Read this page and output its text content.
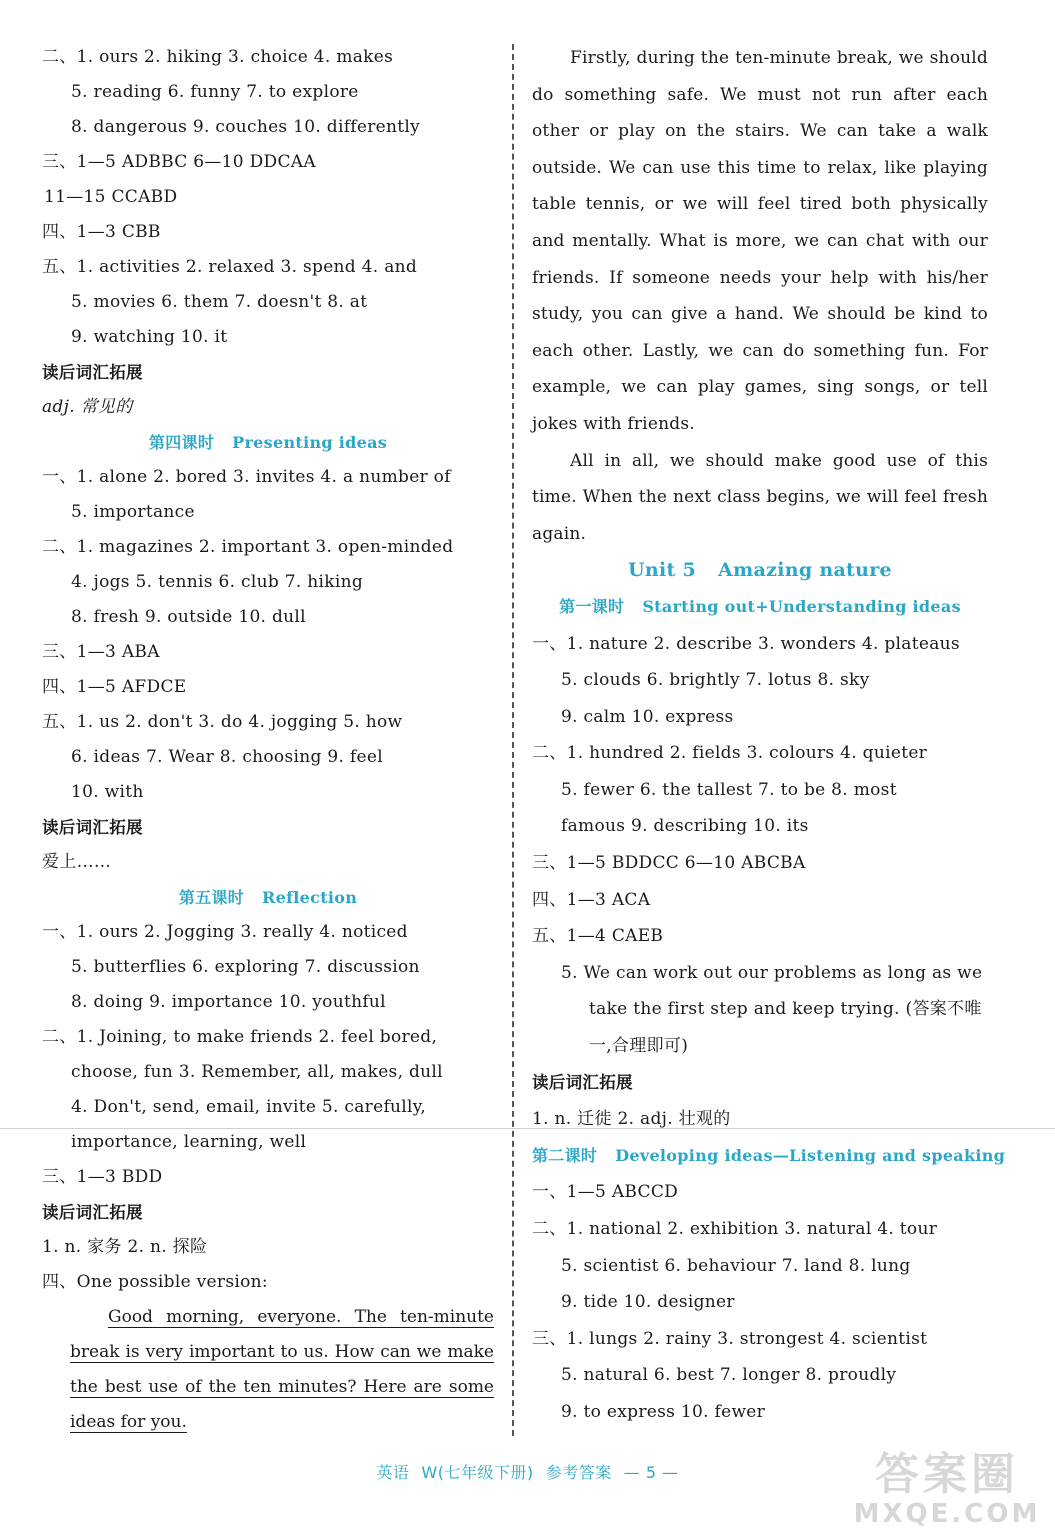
二、1. ours 2. hiking 3. choice 4. makes
5. reading 6. funny 7. to explore
8. dangerous 9. couches 10. differently
三、1—5 ADBBC 6—10 DDCAA
11—15 CCABD
四、1—3 CBB
五、1. activities 2. relaxed 3. spend 4. and
5. movies 6. them 7. doesn't 8. at
9. watching 10. it
读后词汇拓展
adj. 常见的
第四课时 Presenting ideas
一、1. alone 2. bored 3. invites 4. a number of
5. importance
二、1. magazines 2. important 3. open-minded
4. jogs 5. tennis 6. club 7. hiking
8. fresh 9. outside 10. dull
三、1—3 ABA
四、1—5 AFDCE
五、1. us 2. don't 3. do 4. jogging 5. how
6. ideas 7. Wear 8. choosing 9. feel
10. with
读后词汇拓展
爱上……
第五课时 Reflection
一、1. ours 2. Jogging 3. really 4. noticed
5. butterflies 6. exploring 7. discussion
8. doing 9. importance 10. youthful
二、1. Joining, to make friends 2. feel bored,
choose, fun 3. Remember, all, makes, dull
4. Don't, send, email, invite 5. carefully,
importance, learning, well
三、1—3 BDD
读后词汇拓展
1. n. 家务 2. n. 探险
四、One possible version:
Good morning, everyone. The ten-minute break is very important to us. How can we make the best use of the ten minutes? Here are some ideas for you.
Firstly, during the ten-minute break, we should do something safe. We must not run after each other or play on the stairs. We can take a walk outside. We can use this time to relax, like playing table tennis, or we will feel tired both physically and mentally. What is more, we can chat with our friends. If someone needs your help with his/her study, you can give a hand. We should be kind to each other. Lastly, we can do something fun. For example, we can play games, sing songs, or tell jokes with friends.
All in all, we should make good use of this time. When the next class begins, we will feel fresh again.
Unit 5 Amazing nature
第一课时 Starting out+Understanding ideas
一、1. nature 2. describe 3. wonders 4. plateaus
5. clouds 6. brightly 7. lotus 8. sky
9. calm 10. express
二、1. hundred 2. fields 3. colours 4. quieter
5. fewer 6. the tallest 7. to be 8. most
famous 9. describing 10. its
三、1—5 BDDCC 6—10 ABCBA
四、1—3 ACA
五、1—4 CAEB
5. We can work out our problems as long as we
take the first step and keep trying. (答案不唯
一,合理即可)
读后词汇拓展
1. n. 迁徙 2. adj. 壮观的
第二课时 Developing ideas—Listening and speaking
一、1—5 ABCCD
二、1. national 2. exhibition 3. natural 4. tour
5. scientist 6. behaviour 7. land 8. lung
9. tide 10. designer
三、1. lungs 2. rainy 3. strongest 4. scientist
5. natural 6. best 7. longer 8. proudly
9. to express 10. fewer
英语 W(七年级下册) 参考答案 — 5 —	答案圈
MXQE.COM
